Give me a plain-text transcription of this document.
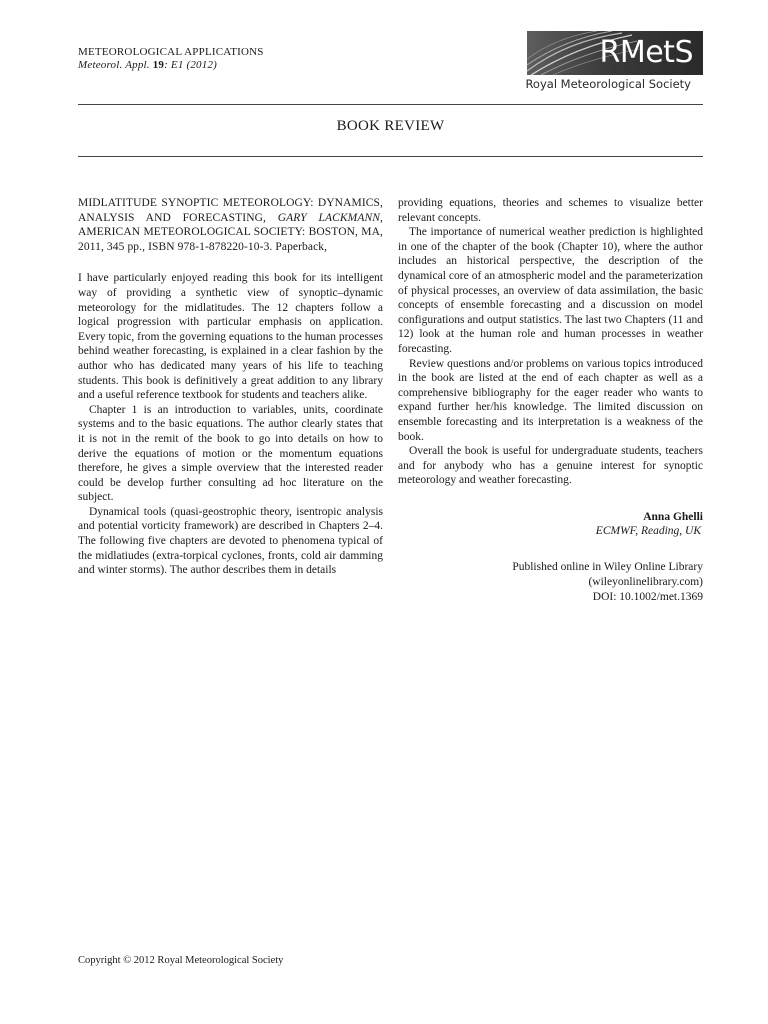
METEOROLOGICAL APPLICATIONS
Meteorol. Appl. 19: E1 (2012)	RMetS
Royal Meteorological Society
BOOK REVIEW

MIDLATITUDE SYNOPTIC METEOROLOGY: DYNAMICS, ANALYSIS AND FORECASTING, GARY LACKMANN, AMERICAN METEOROLOGICAL SOCIETY: BOSTON, MA, 2011, 345 pp., ISBN 978-1-878220-10-3. Paperback,

I have particularly enjoyed reading this book for its intelligent way of providing a synthetic view of synoptic–dynamic meteorology for the midlatitudes. The 12 chapters follow a logical progression with particular emphasis on application. Every topic, from the governing equations to the human processes behind weather forecasting, is explained in a clear fashion by the author who has dedicated many years of his life to teaching students. This book is definitively a great addition to any library and a useful reference textbook for students and teachers alike.

Chapter 1 is an introduction to variables, units, coordinate systems and to the basic equations. The author clearly states that it is not in the remit of the book to go into details on how to derive the equations of motion or the momentum equations therefore, he gives a simple overview that the interested reader could be develop further consulting ad hoc literature on the subject.

Dynamical tools (quasi-geostrophic theory, isentropic analysis and potential vorticity framework) are described in Chapters 2–4. The following five chapters are devoted to phenomena typical of the midlatiudes (extra-torpical cyclones, fronts, cold air damming and winter storms). The author describes them in details

providing equations, theories and schemes to visualize better relevant concepts.

The importance of numerical weather prediction is highlighted in one of the chapter of the book (Chapter 10), where the author includes an historical perspective, the description of the dynamical core of an atmospheric model and the parameterization of physical processes, an overview of data assimilation, the basic concepts of ensemble forecasting and a discussion on model configurations and output statistics. The last two Chapters (11 and 12) look at the human role and human processes in weather forecasting.

Review questions and/or problems on various topics introduced in the book are listed at the end of each chapter as well as a comprehensive bibliography for the eager reader who wants to expand further her/his knowledge. The limited discussion on ensemble forecasting and its interpretation is a weakness of the book.

Overall the book is useful for undergraduate students, teachers and for anybody who has a genuine interest for synoptic meteorology and weather forecasting.

Anna Ghelli
ECMWF, Reading, UK
Published online in Wiley Online Library
(wileyonlinelibrary.com)
DOI: 10.1002/met.1369
Copyright © 2012 Royal Meteorological Society
